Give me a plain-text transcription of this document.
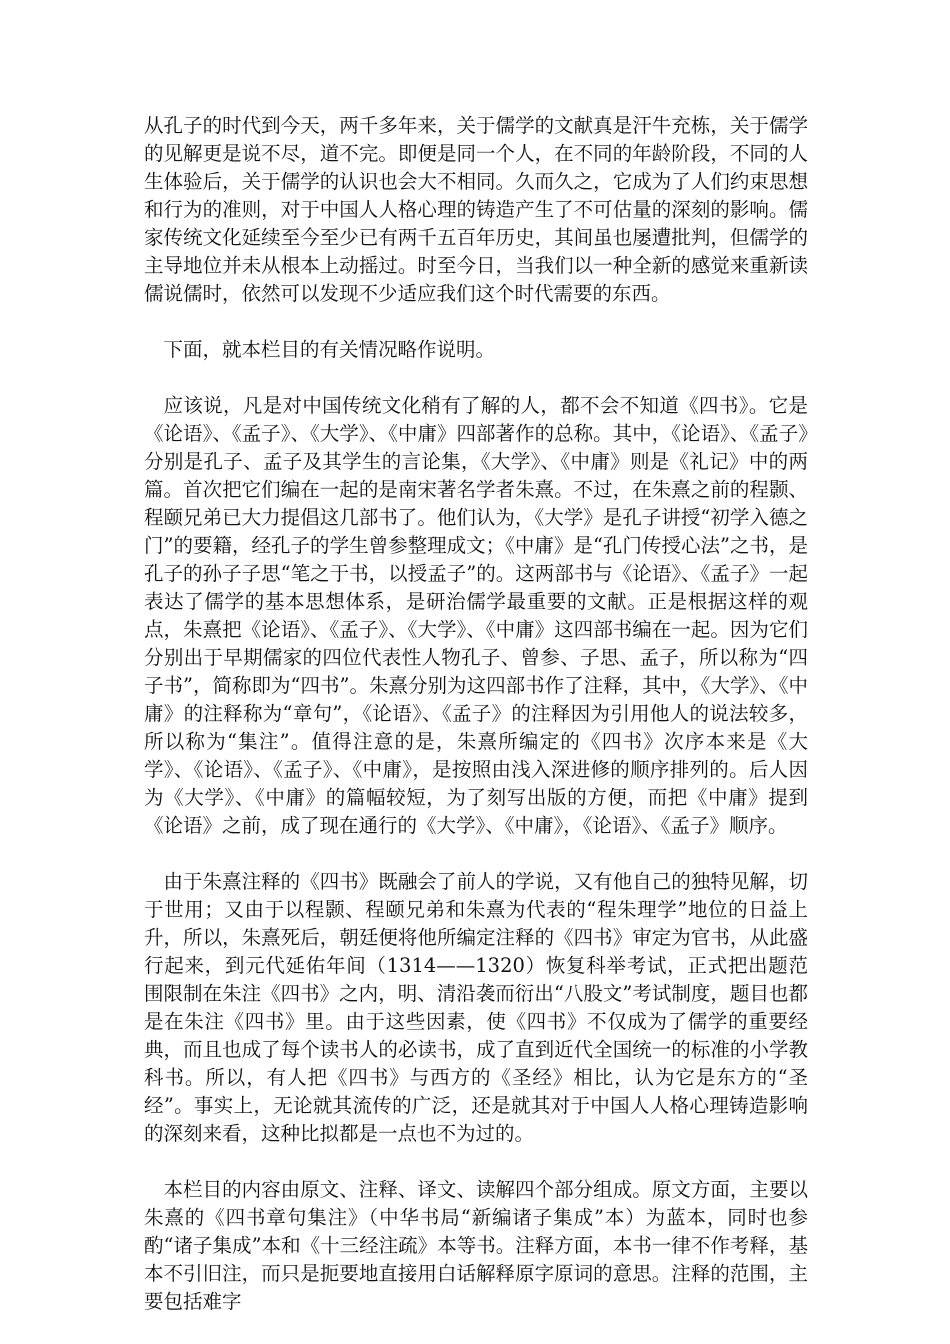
从孔子的时代到今天，两千多年来，关于儒学的文献真是汗牛充栋，关于儒学的见解更是说不尽，道不完。即便是同一个人，在不同的年龄阶段，不同的人生体验后，关于儒学的认识也会大不相同。久而久之，它成为了人们约束思想和行为的准则，对于中国人人格心理的铸造产生了不可估量的深刻的影响。儒家传统文化延续至今至少已有两千五百年历史，其间虽也屡遭批判，但儒学的主导地位并未从根本上动摇过。时至今日，当我们以一种全新的感觉来重新读儒说儒时，依然可以发现不少适应我们这个时代需要的东西。

下面，就本栏目的有关情况略作说明。

应该说，凡是对中国传统文化稍有了解的人，都不会不知道《四书》。它是《论语》、《孟子》、《大学》、《中庸》四部著作的总称。其中，《论语》、《孟子》分别是孔子、孟子及其学生的言论集，《大学》、《中庸》则是《礼记》中的两篇。首次把它们编在一起的是南宋著名学者朱熹。不过，在朱熹之前的程颢、程颐兄弟已大力提倡这几部书了。他们认为，《大学》是孔子讲授“初学入德之门”的要籍，经孔子的学生曾参整理成文；《中庸》是“孔门传授心法”之书，是孔子的孙子子思“笔之于书，以授孟子”的。这两部书与《论语》、《孟子》一起表达了儒学的基本思想体系，是研治儒学最重要的文献。正是根据这样的观点，朱熹把《论语》、《孟子》、《大学》、《中庸》这四部书编在一起。因为它们分别出于早期儒家的四位代表性人物孔子、曾参、子思、孟子，所以称为“四子书”，简称即为“四书”。朱熹分别为这四部书作了注释，其中，《大学》、《中庸》的注释称为“章句”，《论语》、《孟子》的注释因为引用他人的说法较多，所以称为“集注”。值得注意的是，朱熹所编定的《四书》次序本来是《大学》、《论语》、《孟子》、《中庸》，是按照由浅入深进修的顺序排列的。后人因为《大学》、《中庸》的篇幅较短，为了刻写出版的方便，而把《中庸》提到《论语》之前，成了现在通行的《大学》、《中庸》，《论语》、《孟子》顺序。

由于朱熹注释的《四书》既融会了前人的学说，又有他自己的独特见解，切于世用；又由于以程颢、程颐兄弟和朱熹为代表的“程朱理学”地位的日益上升，所以，朱熹死后，朝廷便将他所编定注释的《四书》审定为官书，从此盛行起来，到元代延佑年间（1314——1320）恢复科举考试，正式把出题范围限制在朱注《四书》之内，明、清沿袭而衍出“八股文”考试制度，题目也都是在朱注《四书》里。由于这些因素，使《四书》不仅成为了儒学的重要经典，而且也成了每个读书人的必读书，成了直到近代全国统一的标准的小学教科书。所以，有人把《四书》与西方的《圣经》相比，认为它是东方的“圣经”。事实上，无论就其流传的广泛，还是就其对于中国人人格心理铸造影响的深刻来看，这种比拟都是一点也不为过的。

本栏目的内容由原文、注释、译文、读解四个部分组成。原文方面，主要以朱熹的《四书章句集注》（中华书局“新编诸子集成”本）为蓝本，同时也参酌“诸子集成”本和《十三经注疏》本等书。注释方面，本书一律不作考释，基本不引旧注，而只是扼要地直接用白话解释原字原词的意思。注释的范围，主要包括难字
